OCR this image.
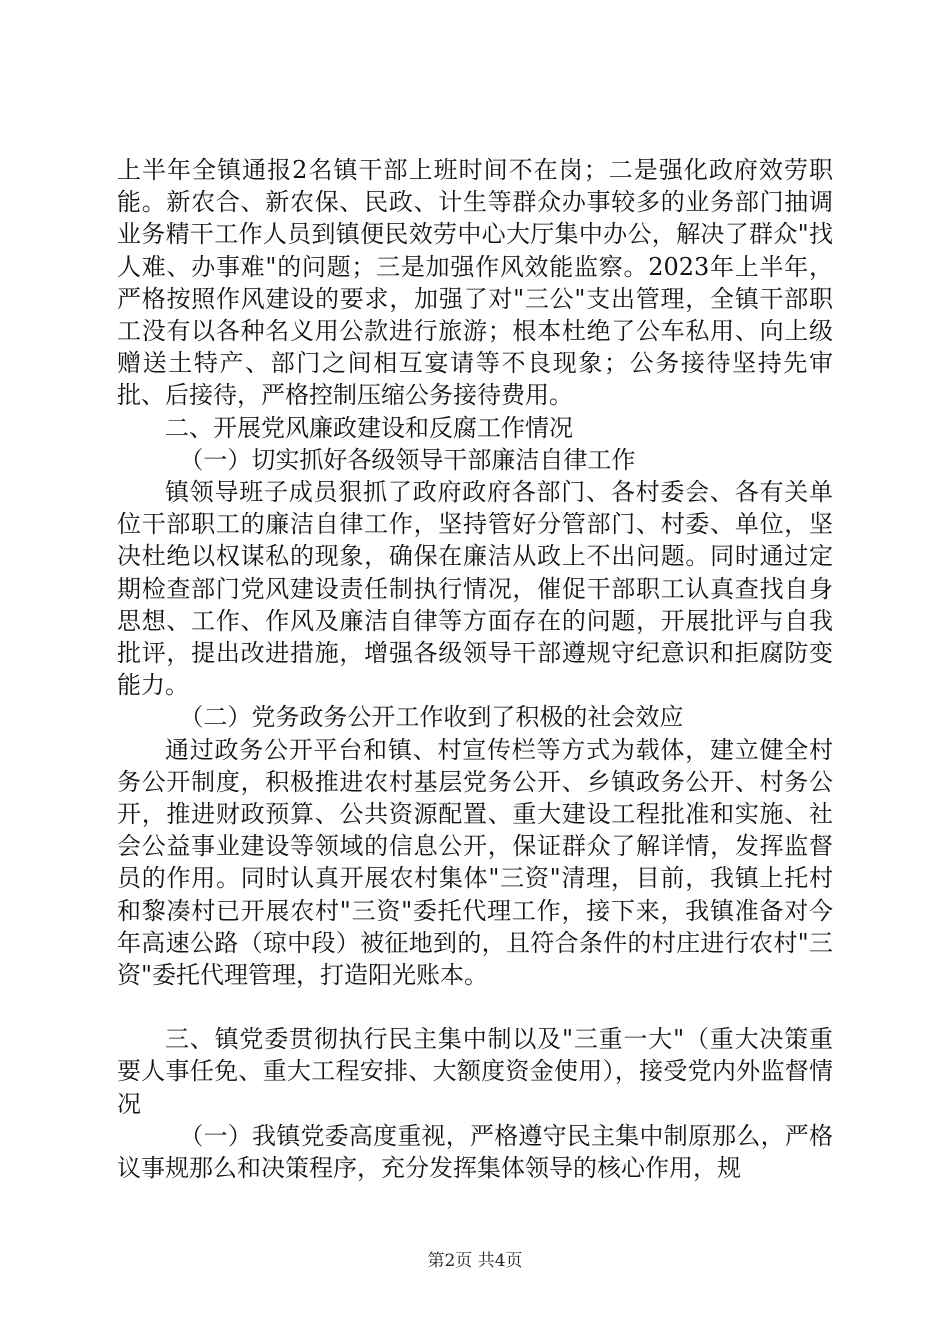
上半年全镇通报2名镇干部上班时间不在岗；二是强化政府效劳职能。新农合、新农保、民政、计生等群众办事较多的业务部门抽调业务精干工作人员到镇便民效劳中心大厅集中办公，解决了群众"找人难、办事难"的问题；三是加强作风效能监察。2023年上半年，严格按照作风建设的要求，加强了对"三公"支出管理，全镇干部职工没有以各种名义用公款进行旅游；根本杜绝了公车私用、向上级赠送土特产、部门之间相互宴请等不良现象；公务接待坚持先审批、后接待，严格控制压缩公务接待费用。

二、开展党风廉政建设和反腐工作情况

（一）切实抓好各级领导干部廉洁自律工作

镇领导班子成员狠抓了政府政府各部门、各村委会、各有关单位干部职工的廉洁自律工作，坚持管好分管部门、村委、单位，坚决杜绝以权谋私的现象，确保在廉洁从政上不出问题。同时通过定期检查部门党风建设责任制执行情况，催促干部职工认真查找自身思想、工作、作风及廉洁自律等方面存在的问题，开展批评与自我批评，提出改进措施，增强各级领导干部遵规守纪意识和拒腐防变能力。

（二）党务政务公开工作收到了积极的社会效应

通过政务公开平台和镇、村宣传栏等方式为载体，建立健全村务公开制度，积极推进农村基层党务公开、乡镇政务公开、村务公开，推进财政预算、公共资源配置、重大建设工程批准和实施、社会公益事业建设等领域的信息公开，保证群众了解详情，发挥监督员的作用。同时认真开展农村集体"三资"清理，目前，我镇上托村和黎凑村已开展农村"三资"委托代理工作，接下来，我镇准备对今年高速公路（琼中段）被征地到的，且符合条件的村庄进行农村"三资"委托代理管理，打造阳光账本。

三、镇党委贯彻执行民主集中制以及"三重一大"（重大决策重要人事任免、重大工程安排、大额度资金使用），接受党内外监督情况

（一）我镇党委高度重视，严格遵守民主集中制原那么，严格议事规那么和决策程序，充分发挥集体领导的核心作用，规

第2页 共4页
